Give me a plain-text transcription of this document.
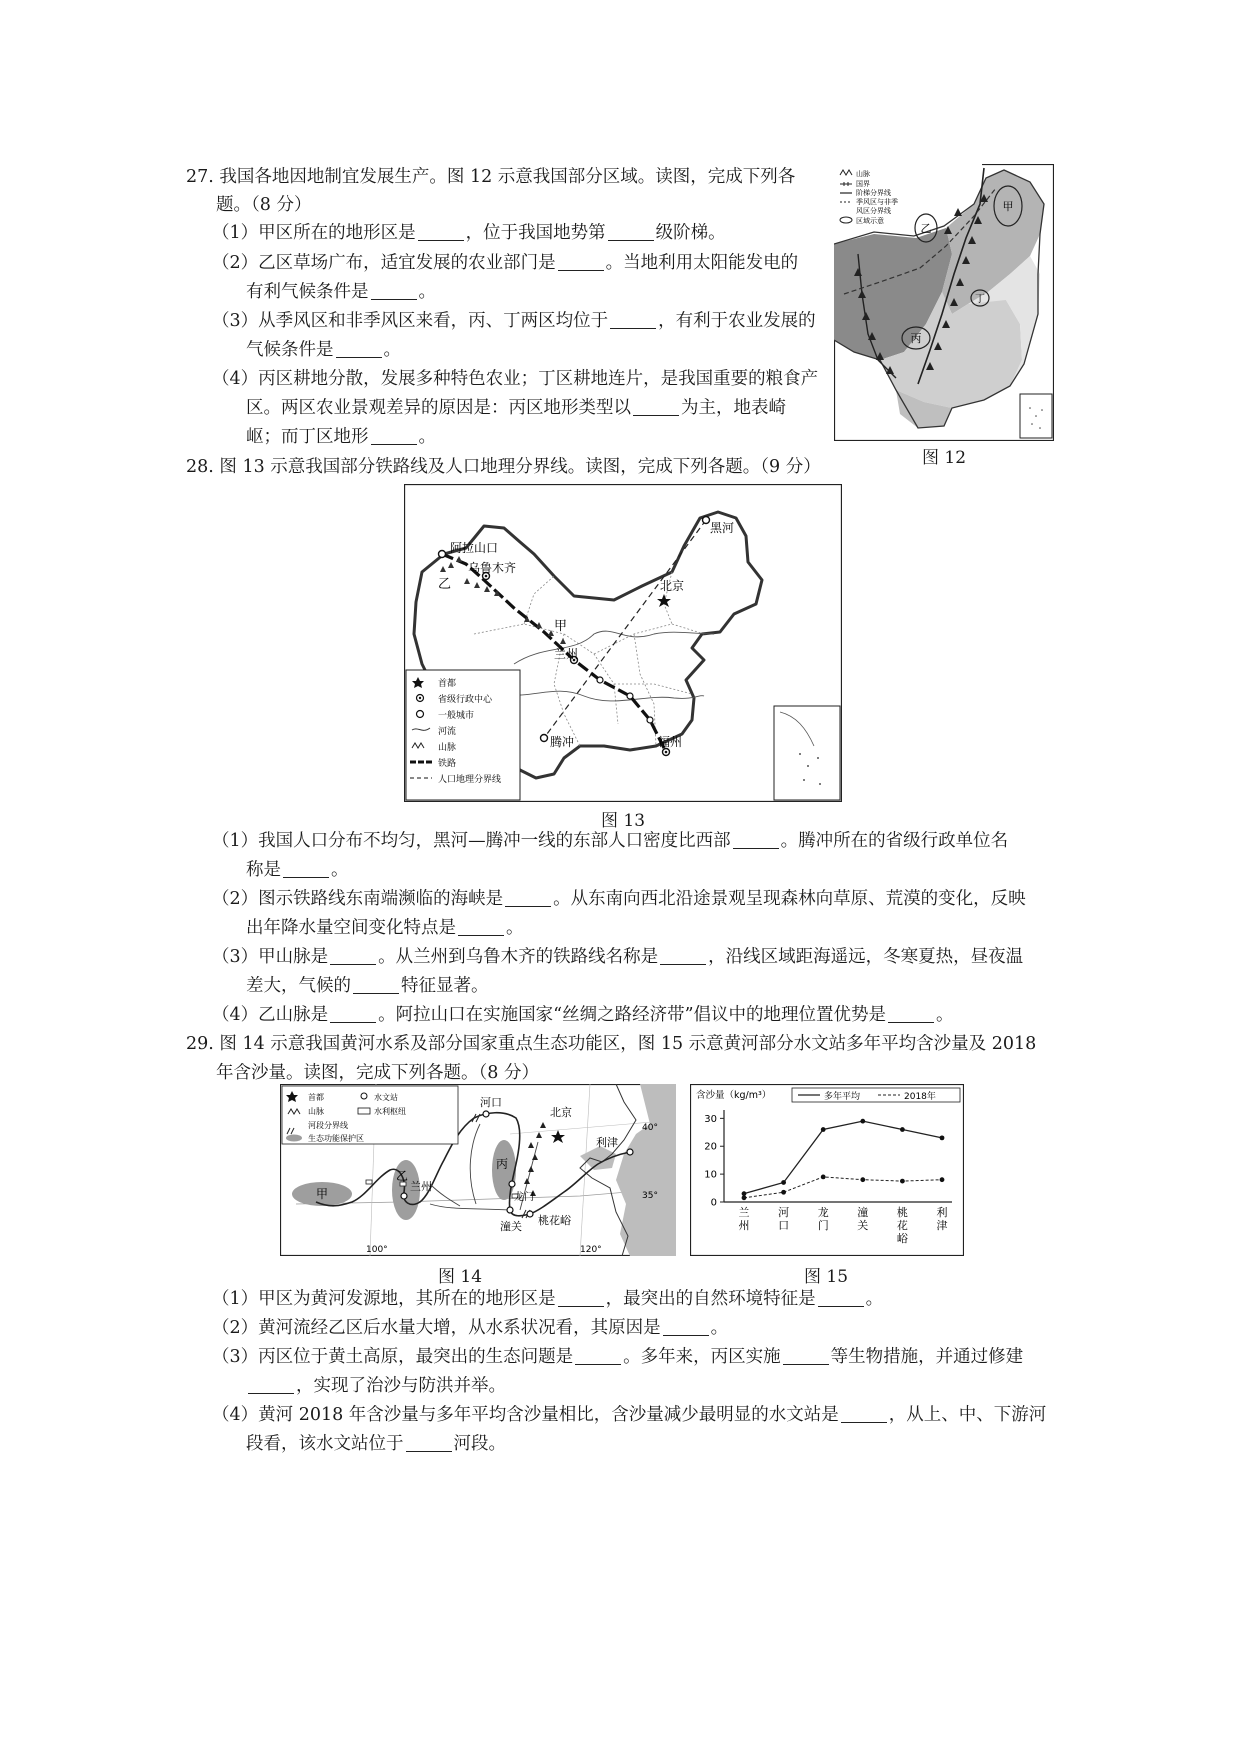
27. 我国各地因地制宜发展生产。图 12 示意我国部分区域。读图，完成下列各
题。（8 分）
（1）甲区所在的地形区是	，位于我国地势第	级阶梯。
（2）乙区草场广布，适宜发展的农业部门是	。当地利用太阳能发电的
有利气候条件是	。
（3）从季风区和非季风区来看，丙、丁两区均位于	，有利于农业发展的
气候条件是	。
（4）丙区耕地分散，发展多种特色农业；丁区耕地连片，是我国重要的粮食产
区。两区农业景观差异的原因是：丙区地形类型以	为主，地表崎
岖；而丁区地形	。
甲
乙
丙
丁
山脉
国界
阶梯分界线
季风区与非季
风区分界线
区域示意
图 12
28. 图 13 示意我国部分铁路线及人口地理分界线。读图，完成下列各题。（9 分）
阿拉山口
乌鲁木齐
黑河
北京
兰州
腾冲	福州
甲
乙
首都
省级行政中心
一般城市
河流
山脉
铁路
人口地理分界线
图 13
（1）我国人口分布不均匀，黑河—腾冲一线的东部人口密度比西部	。腾冲所在的省级行政单位名
称是	。
（2）图示铁路线东南端濒临的海峡是	。从东南向西北沿途景观呈现森林向草原、荒漠的变化，反映
出年降水量空间变化特点是	。
（3）甲山脉是	。从兰州到乌鲁木齐的铁路线名称是	，沿线区域距海遥远，冬寒夏热，昼夜温
差大，气候的	特征显著。
（4）乙山脉是	。阿拉山口在实施国家“丝绸之路经济带”倡议中的地理位置优势是	。
29. 图 14 示意我国黄河水系及部分国家重点生态功能区，图 15 示意黄河部分水文站多年平均含沙量及 2018
年含沙量。读图，完成下列各题。（8 分）
河口
北京
兰州
龙门
潼关 桃花峪
利津
甲
乙
丙
40°
35°
首都	水文站
山脉	水利枢纽
河段分界线
生态功能保护区
100°	120°
图 14
含沙量（kg/m³）	多年平均	2018年
0
10
20
30
兰
州
河
口
龙
门
潼
关
桃
花
峪
利
津
图 15
（1）甲区为黄河发源地，其所在的地形区是	，最突出的自然环境特征是	。
（2）黄河流经乙区后水量大增，从水系状况看，其原因是	。
（3）丙区位于黄土高原，最突出的生态问题是	。多年来，丙区实施	等生物措施，并通过修建
，实现了治沙与防洪并举。
（4）黄河 2018 年含沙量与多年平均含沙量相比，含沙量减少最明显的水文站是	，从上、中、下游河
段看，该水文站位于	河段。
